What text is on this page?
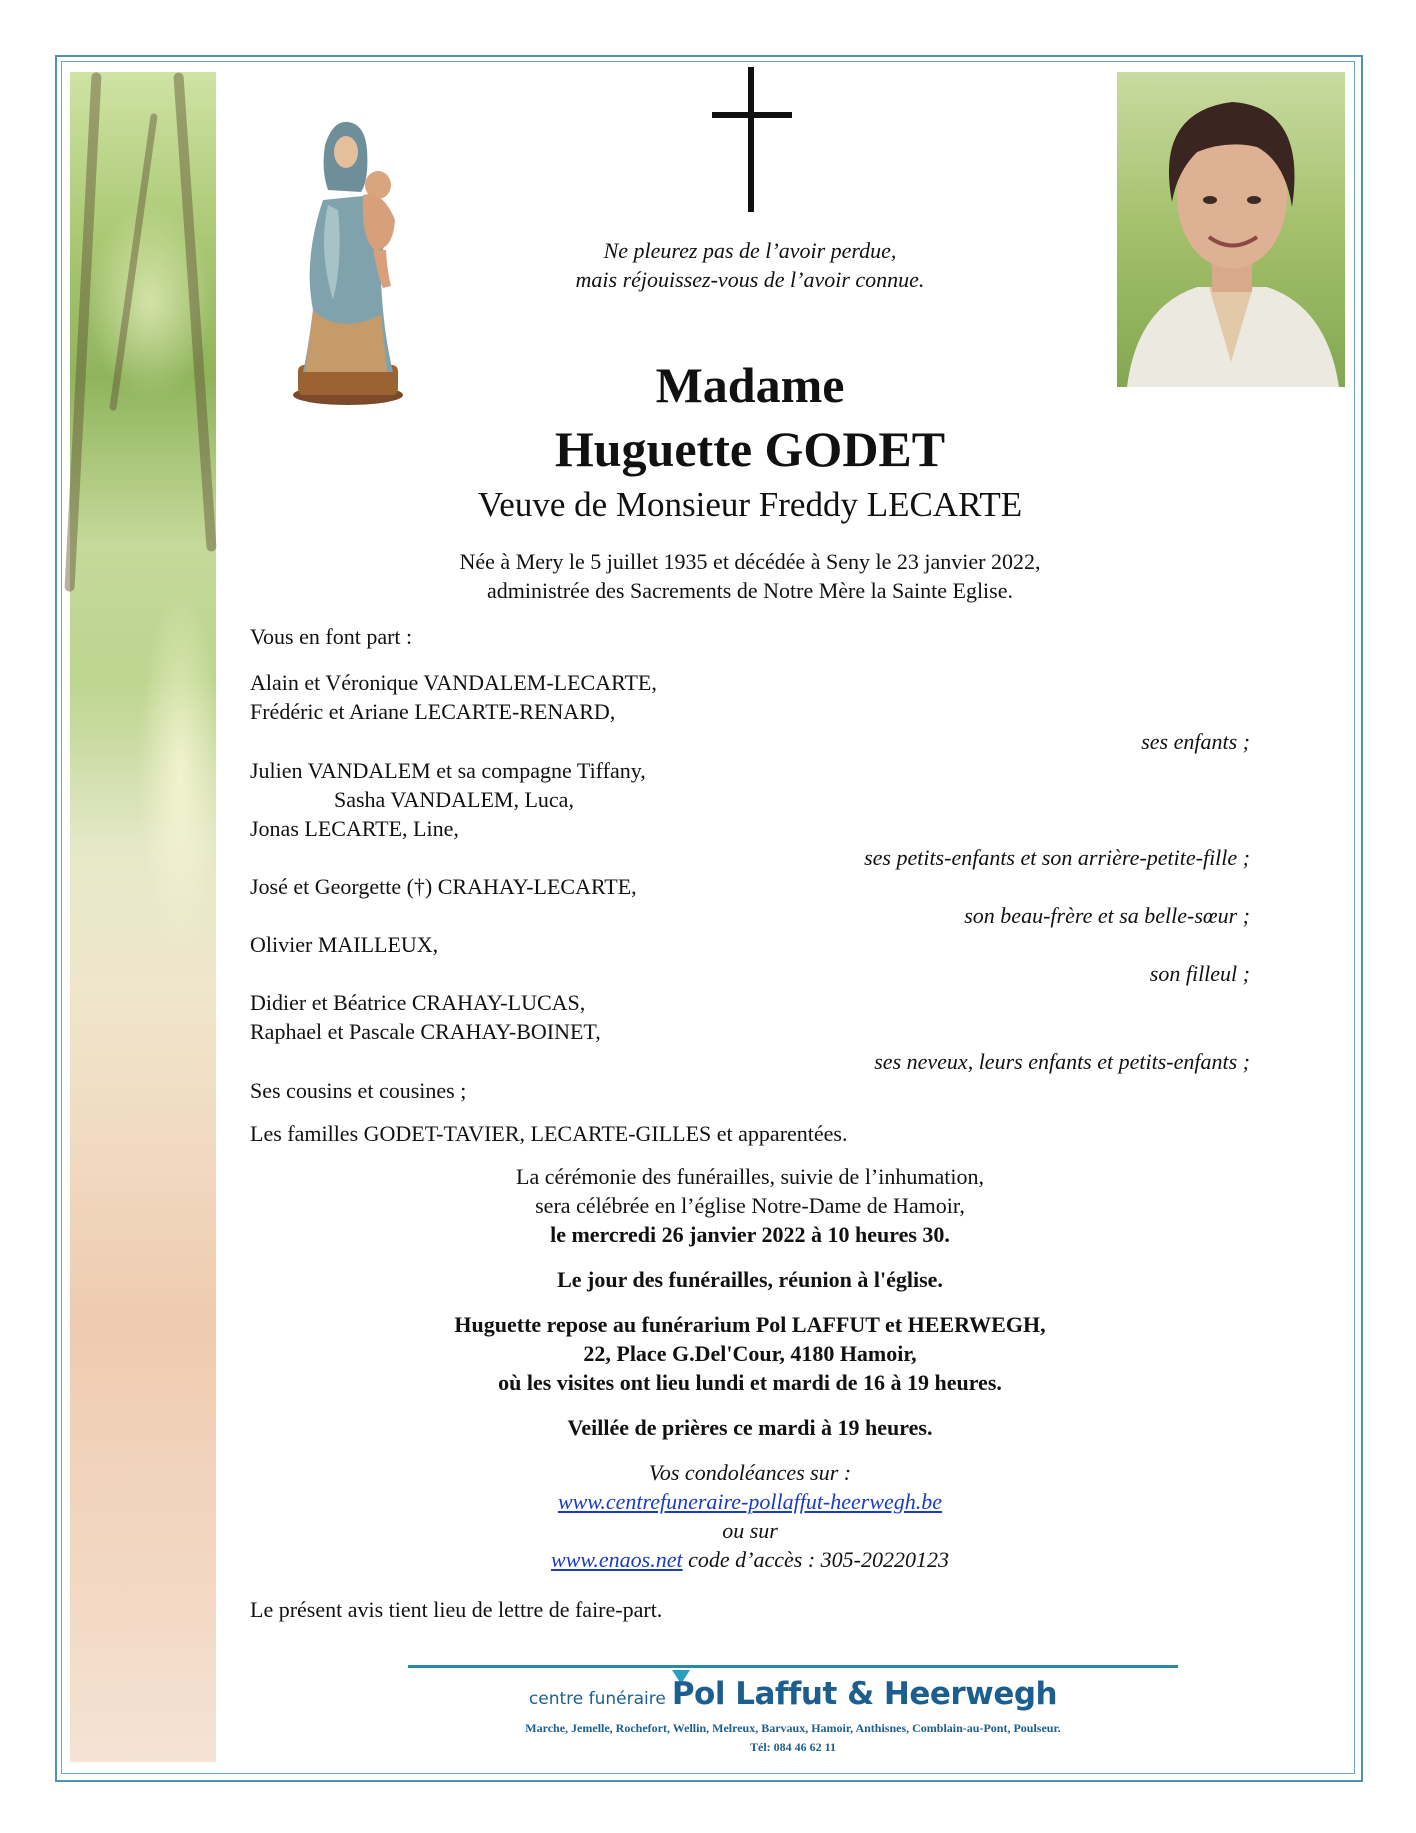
Ne pleurez pas de l’avoir perdue,
mais réjouissez-vous de l’avoir connue.
Madame
Huguette GODET
Veuve de Monsieur Freddy LECARTE
Née à Mery le 5 juillet 1935 et décédée à Seny le 23 janvier 2022,
administrée des Sacrements de Notre Mère la Sainte Eglise.
Vous en font part :
Alain et Véronique VANDALEM-LECARTE,
Frédéric et Ariane LECARTE-RENARD,
ses enfants ;
Julien VANDALEM et sa compagne Tiffany,
Sasha VANDALEM, Luca,
Jonas LECARTE, Line,
ses petits-enfants et son arrière-petite-fille ;
José et Georgette (†) CRAHAY-LECARTE,
son beau-frère et sa belle-sœur ;
Olivier MAILLEUX,
son filleul ;
Didier et Béatrice CRAHAY-LUCAS,
Raphael et Pascale CRAHAY-BOINET,
ses neveux, leurs enfants et petits-enfants ;
Ses cousins et cousines ;
Les familles GODET-TAVIER, LECARTE-GILLES et apparentées.
La cérémonie des funérailles, suivie de l’inhumation,
sera célébrée en l’église Notre-Dame de Hamoir,
le mercredi 26 janvier 2022 à 10 heures 30.
Le jour des funérailles, réunion à l'église.
Huguette repose au funérarium Pol LAFFUT et HEERWEGH,
22, Place G.Del'Cour, 4180 Hamoir,
où les visites ont lieu lundi et mardi de 16 à 19 heures.
Veillée de prières ce mardi à 19 heures.
Vos condoléances sur :
www.centrefuneraire-pollaffut-heerwegh.be
ou sur
www.enaos.net code d’accès : 305-20220123
Le présent avis tient lieu de lettre de faire-part.
centre funéraire Pol Laffut & Heerwegh
Marche, Jemelle, Rochefort, Wellin, Melreux, Barvaux, Hamoir, Anthisnes, Comblain-au-Pont, Poulseur.
Tél: 084 46 62 11
